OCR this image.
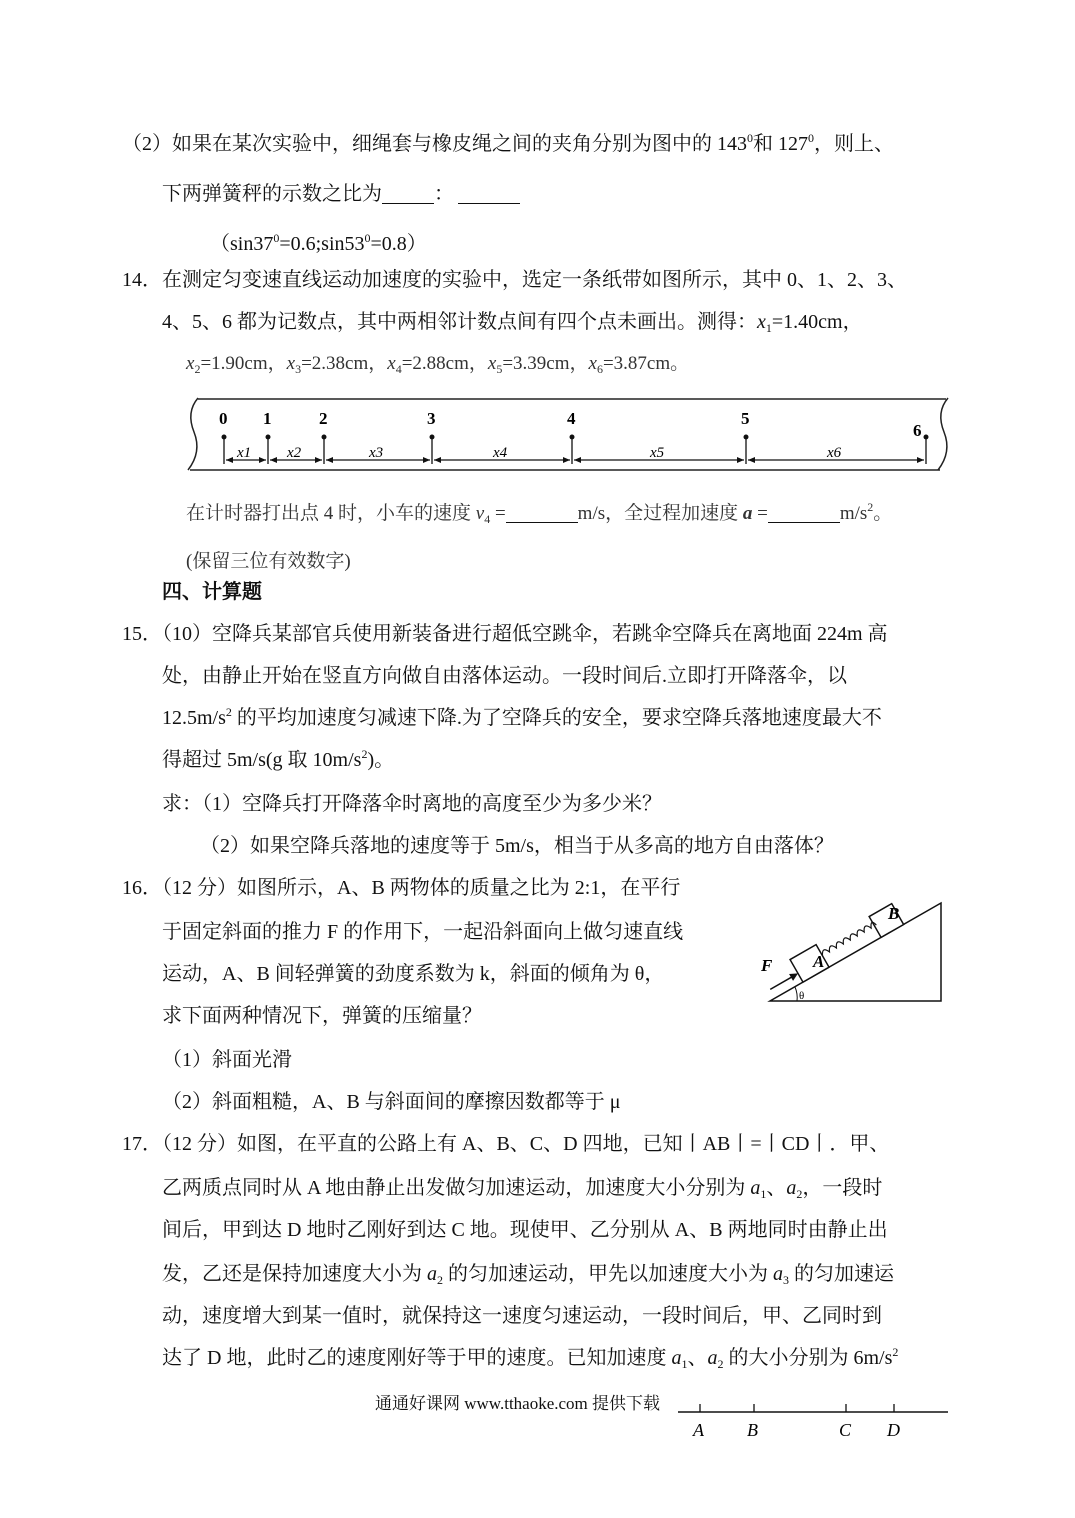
（2）如果在某次实验中，细绳套与橡皮绳之间的夹角分别为图中的 $143^0$和 $127^0$，则上、
下两弹簧秤的示数之比为	：
$(\sin 37^0=0.6;\sin 53^0=0.8)$
14．在测定匀变速直线运动加速度的实验中，选定一条纸带如图所示，其中 0、1、2、3、
4、5、6 都为记数点，其中两相邻计数点间有四个点未画出。测得：$x_1=1.40cm$，
$x_2=1.90cm$，$x_3=2.38cm$，$x_4=2.88cm$，$x_5=3.39cm$，$x_6=3.87cm$。
0 1	2	3	4	5
6
x1 x2	x3	x4	x5	x6
在计时器打出点 4 时，小车的速度 $v_4$ =	m/s，全过程加速度 a =	$m/s^2$。
(保留三位有效数字)
四、计算题
15．（10）空降兵某部官兵使用新装备进行超低空跳伞，若跳伞空降兵在离地面 224m 高
处，由静止开始在竖直方向做自由落体运动。一段时间后.立即打开降落伞，以
$12.5m/s^2$ 的平均加速度匀减速下降.为了空降兵的安全，要求空降兵落地速度最大不
得超过 5m/s(g 取 $10m/s^2$)。
求：（1）空降兵打开降落伞时离地的高度至少为多少米？
（2）如果空降兵落地的速度等于 5m/s，相当于从多高的地方自由落体？
16．（12 分）如图所示，A、B 两物体的质量之比为 2:1，在平行
于固定斜面的推力 F 的作用下，一起沿斜面向上做匀速直线
运动，A、B 间轻弹簧的劲度系数为 k，斜面的倾角为 θ，
求下面两种情况下，弹簧的压缩量？
（1）斜面光滑
（2）斜面粗糙，A、B 与斜面间的摩擦因数都等于 μ
θ
A
F
B
17．（12 分）如图，在平直的公路上有 A、B、C、D 四地，已知丨AB丨=丨CD丨．甲、
乙两质点同时从 A 地由静止出发做匀加速运动，加速度大小分别为 $a_1$、$a_2$，一段时
间后，甲到达 D 地时乙刚好到达 C 地。现使甲、乙分别从 A、B 两地同时由静止出
发，乙还是保持加速度大小为 $a_2$ 的匀加速运动，甲先以加速度大小为 $a_3$ 的匀加速运
动，速度增大到某一值时，就保持这一速度匀速运动，一段时间后，甲、乙同时到
达了 D 地，此时乙的速度刚好等于甲的速度。已知加速度 $a_1$、$a_2$ 的大小分别为 $6m/s^2$
通通好课网 www.tthaoke.com 提供下载
A B	C D
